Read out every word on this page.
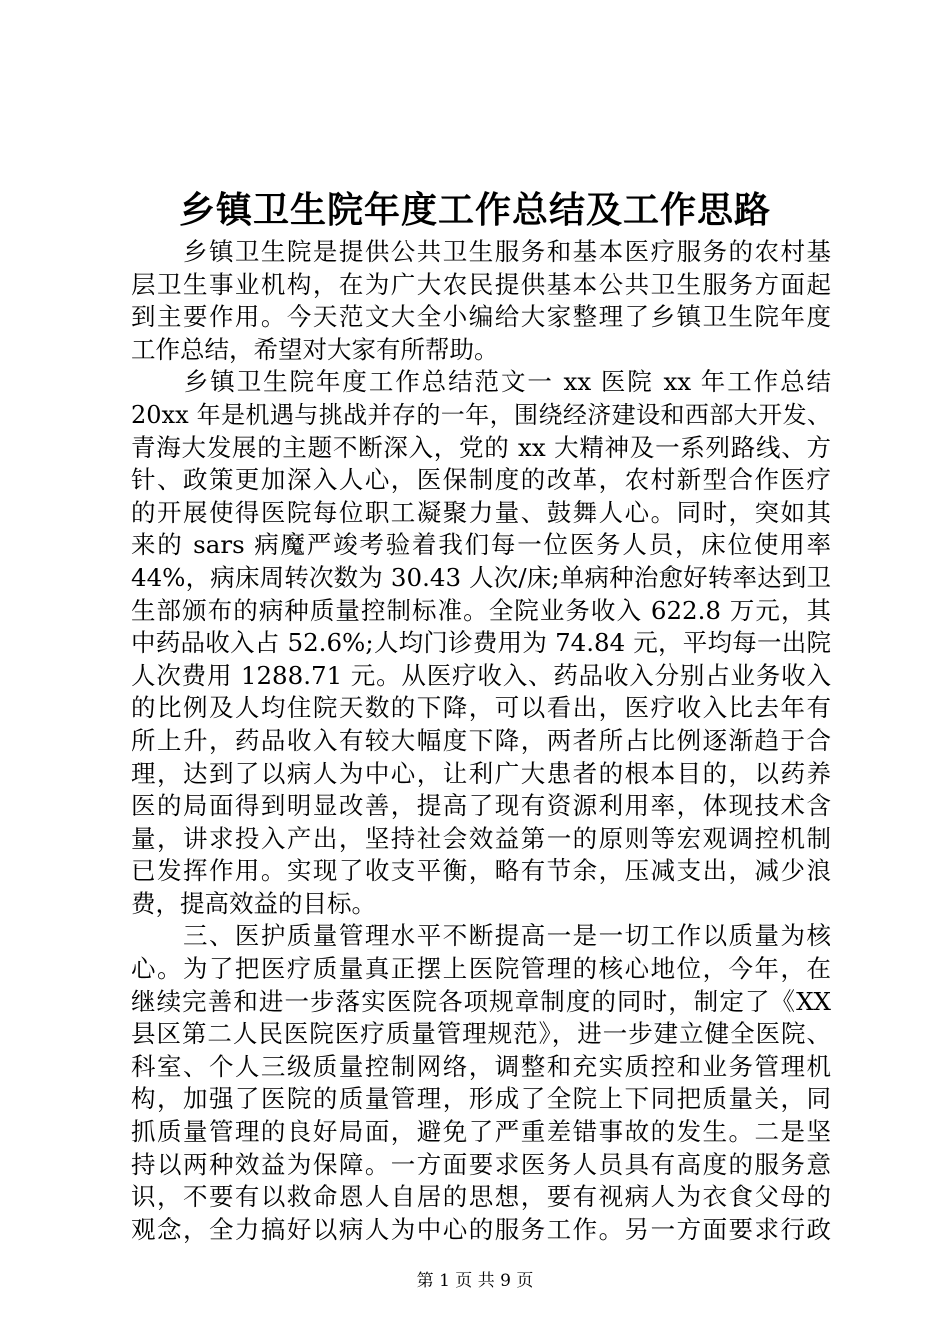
乡镇卫生院年度工作总结及工作思路
　　乡镇卫生院是提供公共卫生服务和基本医疗服务的农村基
层卫生事业机构，在为广大农民提供基本公共卫生服务方面起
到主要作用。今天范文大全小编给大家整理了乡镇卫生院年度
工作总结，希望对大家有所帮助。
　　乡镇卫生院年度工作总结范文一 xx 医院 xx 年工作总结
20xx 年是机遇与挑战并存的一年，围绕经济建设和西部大开发、
青海大发展的主题不断深入，党的 xx 大精神及一系列路线、方
针、政策更加深入人心，医保制度的改革，农村新型合作医疗
的开展使得医院每位职工凝聚力量、鼓舞人心。同时，突如其
来的 sars 病魔严竣考验着我们每一位医务人员，床位使用率
44%，病床周转次数为 30.43 人次/床;单病种治愈好转率达到卫
生部颁布的病种质量控制标准。全院业务收入 622.8 万元，其
中药品收入占 52.6%;人均门诊费用为 74.84 元，平均每一出院
人次费用 1288.71 元。从医疗收入、药品收入分别占业务收入
的比例及人均住院天数的下降，可以看出，医疗收入比去年有
所上升，药品收入有较大幅度下降，两者所占比例逐渐趋于合
理，达到了以病人为中心，让利广大患者的根本目的，以药养
医的局面得到明显改善，提高了现有资源利用率，体现技术含
量，讲求投入产出，坚持社会效益第一的原则等宏观调控机制
已发挥作用。实现了收支平衡，略有节余，压减支出，减少浪
费，提高效益的目标。
　　三、医护质量管理水平不断提高一是一切工作以质量为核
心。为了把医疗质量真正摆上医院管理的核心地位，今年，在
继续完善和进一步落实医院各项规章制度的同时，制定了《XX
县区第二人民医院医疗质量管理规范》，进一步建立健全医院、
科室、个人三级质量控制网络，调整和充实质控和业务管理机
构，加强了医院的质量管理，形成了全院上下同把质量关，同
抓质量管理的良好局面，避免了严重差错事故的发生。二是坚
持以两种效益为保障。一方面要求医务人员具有高度的服务意
识，不要有以救命恩人自居的思想，要有视病人为衣食父母的
观念，全力搞好以病人为中心的服务工作。另一方面要求行政
第 1 页 共 9 页
